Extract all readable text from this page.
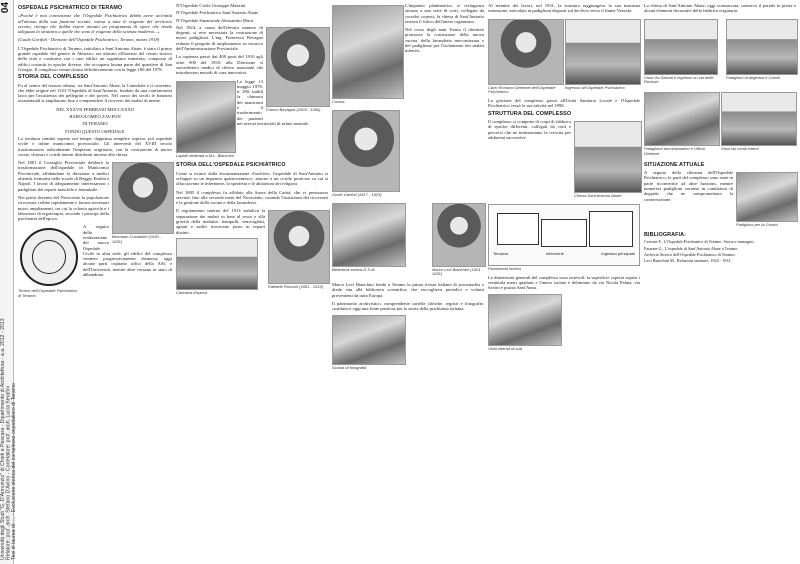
04
Università degli Studi "G. D'Annunzio" di Chieti e Pescara - Dipartimento di Architettura - a.a. 2012 - 2013 Relatore: prof. arch. Stefano D'Avino - Correlatore: prof. arch. Lucia Serafini Tesi di laurea di: ... - Evoluzione storica del complesso ospedaliero di Teramo
OSPEDALE PSICHIATRICO DI TERAMO

«Poiché è mia convinzione che l'Ospedale Psichiatrico debba avere un'entità all'altezza della sua funzione sociale, estesa a tutte le esigenze del territorio servito, ritengo che debba essere attuato un programma di opere che renda adeguata la struttura a quelle che sono le esigenze della scienza moderna...»

(Guido Garifoli - Direttore dell'Ospedale Psichiatrico, Teramo, marzo 1918)

L'Ospedale Psichiatrico di Teramo, intitolato a Sant'Antonio Abate, è stato il primo grande ospedale del genere in Abruzzo; era ubicato all'interno del centro storico della città e costituiva con i suoi edifici un organismo immenso, composto di edifici costruiti in epoche diverse, che occupava buona parte del quartiere di San Giorgio. Il complesso venne chiuso definitivamente con la legge 180 del 1978.

STORIA DEL COMPLESSO

Fu al centro del tessuto urbano, tra Sant'Antonio Abate, la Cattedrale e il convento, che ebbe origine nel 1323 l'Ospedale di Sant'Antonio, fondato da una confraternita laica per l'assistenza dei pellegrini e dei poveri. Nel corso dei secoli le funzioni assistenziali si ampliarono fino a comprendere il ricovero dei malati di mente.

NEL XXXVII FEBBRAIO MDCCXXXII

BARTOLOMEO ZAUFON

DI TERAMO

FONDO QUESTO OSPEDALE

La struttura cambiò aspetto nel tempo: dapprima semplice ospizio, poi ospedale civile e infine manicomio provinciale. Gli interventi del XVIII secolo trasformarono radicalmente l'impianto originario, con la costruzione di nuove corsie, chiostri e cortili interni distribuiti intorno alla chiesa.

Bernardo Costantini (1930 - 1931)

Nel 1881 il Consiglio Provinciale deliberò la trasformazione dell'ospedale in Manicomio Provinciale, affidandone la direzione a medici alienisti formatisi nelle scuole di Reggio Emilia e Napoli. I lavori di adeguamento interessarono i padiglioni dei reparti maschile e femminile.

Nei primi decenni del Novecento la popolazione ricoverata crebbe rapidamente e furono necessari nuovi ampliamenti, tra cui la colonia agricola e i laboratori di ergoterapia, secondo i principi della psichiatria dell'epoca.

Timbro dell'Ospedale Psichiatrico di Teramo

A seguito della realizzazione del nuovo Ospedale Civile in altra sede, gli edifici del complesso vennero progressivamente dismessi; oggi alcune parti ospitano uffici della ASL e dell'Università, mentre altre versano in stato di abbandono.

N°Ospedale Civile Giuseppe Mazzini

N°Ospedale Psichiatrico Sant'Antonio Abate

N°Ospedale Sanatoriale Alessandro Murri

Franco Bevagna (1924 - 1956)

Nel 1924, a causa dell'elevato numero di degenti, si rese necessaria la costruzione di nuovi padiglioni. L'ing. Francesco Bevagna redasse il progetto di ampliamento su incarico dell'Amministrazione Provinciale.

La capienza passò dai 400 posti del 1910 agli oltre 900 del 1935; alla Direzione si succedettero medici di rilievo nazionale che introdussero metodi di cura innovativi.

Lapide dedicata a M.L. Bianchini

La legge 13 maggio 1978, n. 180, stabilì la chiusura dei manicomi e il trasferimento dei pazienti nei servizi territoriali di salute mentale.

STORIA DELL'OSPEDALE PSICHIATRICO

Come si evince dalla documentazione d'archivio, l'ospedale di Sant'Antonio si sviluppò su un impianto quattrocentesco, attorno a un cortile porticato su cui si affacciavano le infermerie, la spezieria e le abitazioni dei religiosi.

Nel 1805 il complesso fu affidato alle Suore della Carità, che vi prestarono servizio fino alla seconda metà del Novecento, curando l'assistenza dei ricoverati e la gestione della cucina e della lavanderia.

Raffaele Roscioli (1881 - 1910)

Il regolamento interno del 1913 stabiliva la separazione dei malati in base al sesso e alla gravità della malattia: tranquilli, semi-agitati, agitati e sudici trovavano posto in reparti distinti.

Cartolina d'epoca
Cucina

L'impianto planimetrico si sviluppava attorno a una serie di corti, collegate da corridoi coperti; la chiesa di Sant'Antonio restava il fulcro dell'intero organismo.

Nel corso degli anni Trenta il direttore promosse la costruzione della nuova cucina, della lavanderia meccanizzata e del padiglione per l'isolamento dei malati infettivi.

Guido Garifoli (1917 - 1923)
Biblioteca storica D.S.M.	Marco Levi Bianchini (1924 - 1931)

Marco Levi Bianchini fondò a Teramo la prima rivista italiana di psicoanalisi e diede vita alla biblioteca scientifica, che raccoglieva periodici e volumi provenienti da tutta Europa.

Il patrimonio archivistico, comprendente cartelle cliniche, registri e fotografie, costituisce oggi una fonte preziosa per la storia della psichiatria italiana.

Scuola di fotografia

Al termine dei lavori, nel 1931, la struttura raggiungeva la sua massima estensione, articolata in padiglioni disposti sul declivio verso il fiume Vezzola.

Carlo Romano Direttore dell'Ospedale Psichiatrico
Ingresso all'Ospedale Psichiatrico

La gestione del complesso passò all'Unità Sanitaria Locale e l'Ospedale Psichiatrico cessò le sue attività nel 1998.

STRUTTURA DEL COMPLESSO
Chiesa Sant'Antonio Abate

Il complesso si compone di corpi di fabbrica di epoche differenti, collegati da corti e percorsi che ne testimoniano la crescita per addizioni successive.

Terrazze	Infermerie	Ingresso principale
Planimetria storica

Le dimensioni generali del complesso sono notevoli: la superficie coperta supera i ventimila metri quadrati e l'intero isolato è delimitato da via Nicola Palma, via Savini e piazza Sant'Anna.

Vista interna di sud

La chiesa di Sant'Antonio Abate, oggi sconsacrata, conserva il portale in pietra e alcuni elementi decorativi della fabbrica originaria.

Vista Via Salvati e ingresso su via delle Recluse
Padiglioni di degenza e Carulli
Padiglione amministrativo e Ufficio Direttore
Vista sui cortili interni
SITUAZIONE ATTUALE
Padiglioni per la Cronici

A seguito della chiusura dell'Ospedale Psichiatrico, le parti del complesso sono state in parte riconvertite ad altre funzioni, mentre numerosi padiglioni versano in condizioni di degrado che ne compromettono la conservazione.

BIBLIOGRAFIA:

Cerrone F., L'Ospedale Psichiatrico di Teramo. Storia e immagini.

Faraone G., L'ospedale di Sant'Antonio Abate a Teramo.

Archivio Storico dell'Ospedale Psichiatrico di Teramo.

Levi Bianchini M., Relazioni sanitarie, 1924 - 1931.
